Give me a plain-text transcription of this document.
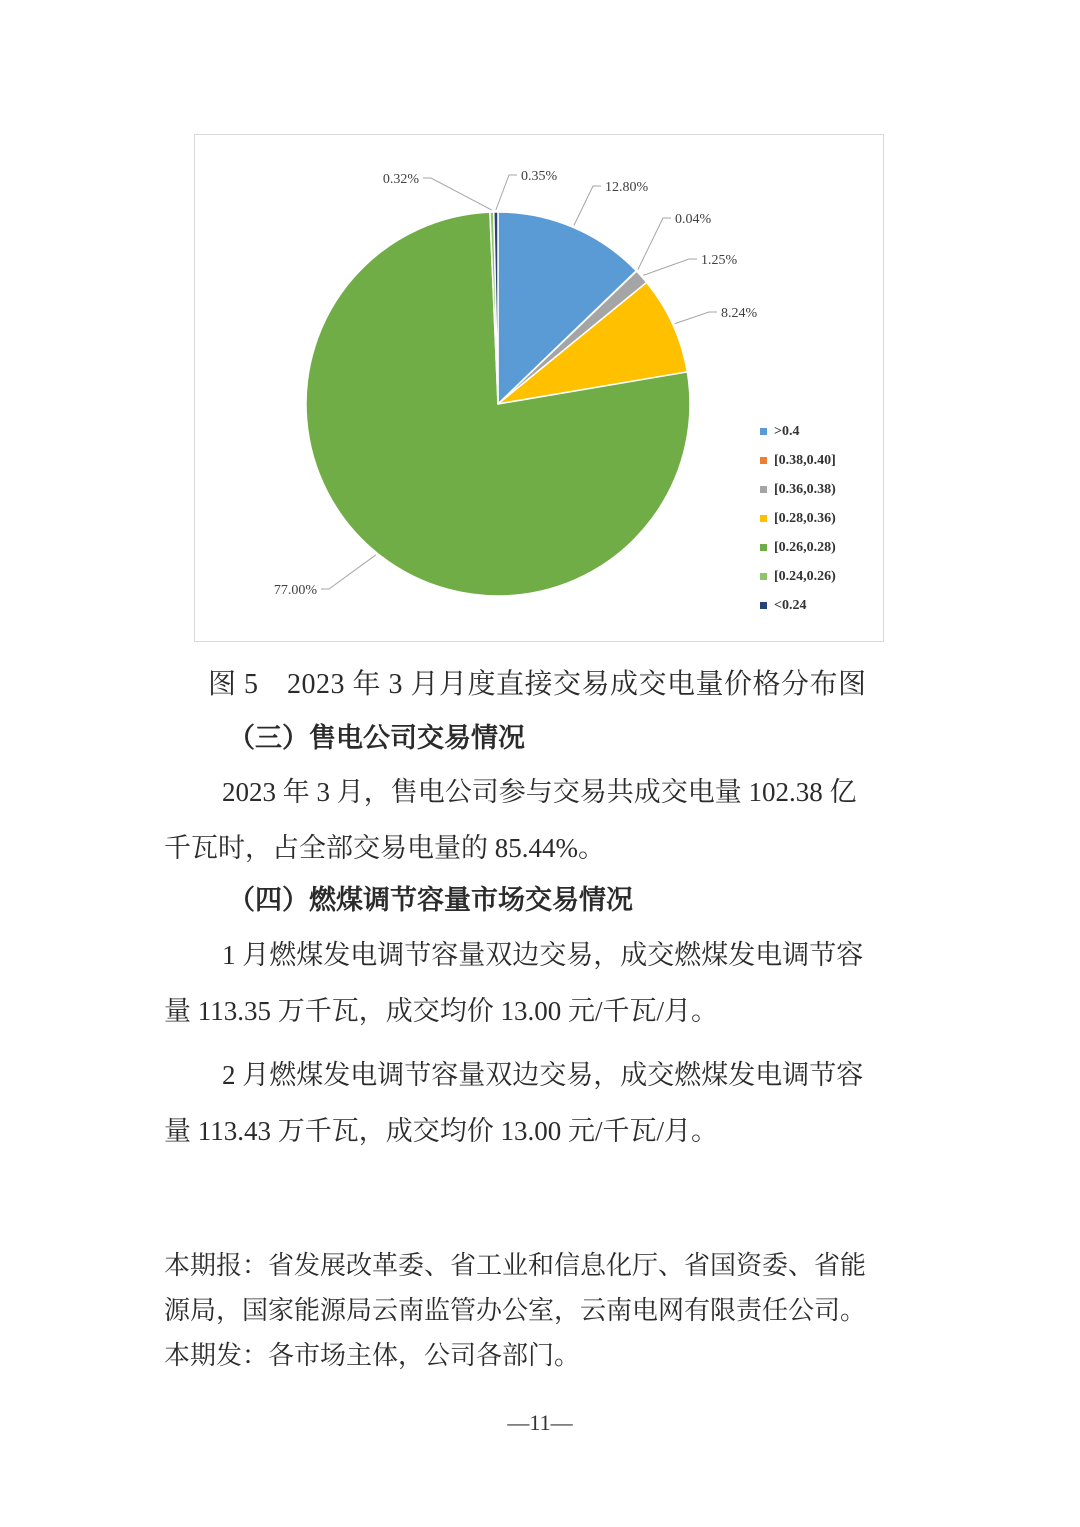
12.80%
0.04%
1.25%
8.24%
77.00%
0.32%	0.35%
>0.4
[0.38,0.40]
[0.36,0.38)
[0.28,0.36)
[0.26,0.28)
[0.24,0.26)
<0.24
图 5　2023 年 3 月月度直接交易成交电量价格分布图
（三）售电公司交易情况
2023 年 3 月，售电公司参与交易共成交电量 102.38 亿
千瓦时，占全部交易电量的 85.44%。
（四）燃煤调节容量市场交易情况
1 月燃煤发电调节容量双边交易，成交燃煤发电调节容
量 113.35 万千瓦，成交均价 13.00 元/千瓦/月。
2 月燃煤发电调节容量双边交易，成交燃煤发电调节容
量 113.43 万千瓦，成交均价 13.00 元/千瓦/月。
本期报：省发展改革委、省工业和信息化厅、省国资委、省能
源局，国家能源局云南监管办公室，云南电网有限责任公司。
本期发：各市场主体，公司各部门。
—11—
